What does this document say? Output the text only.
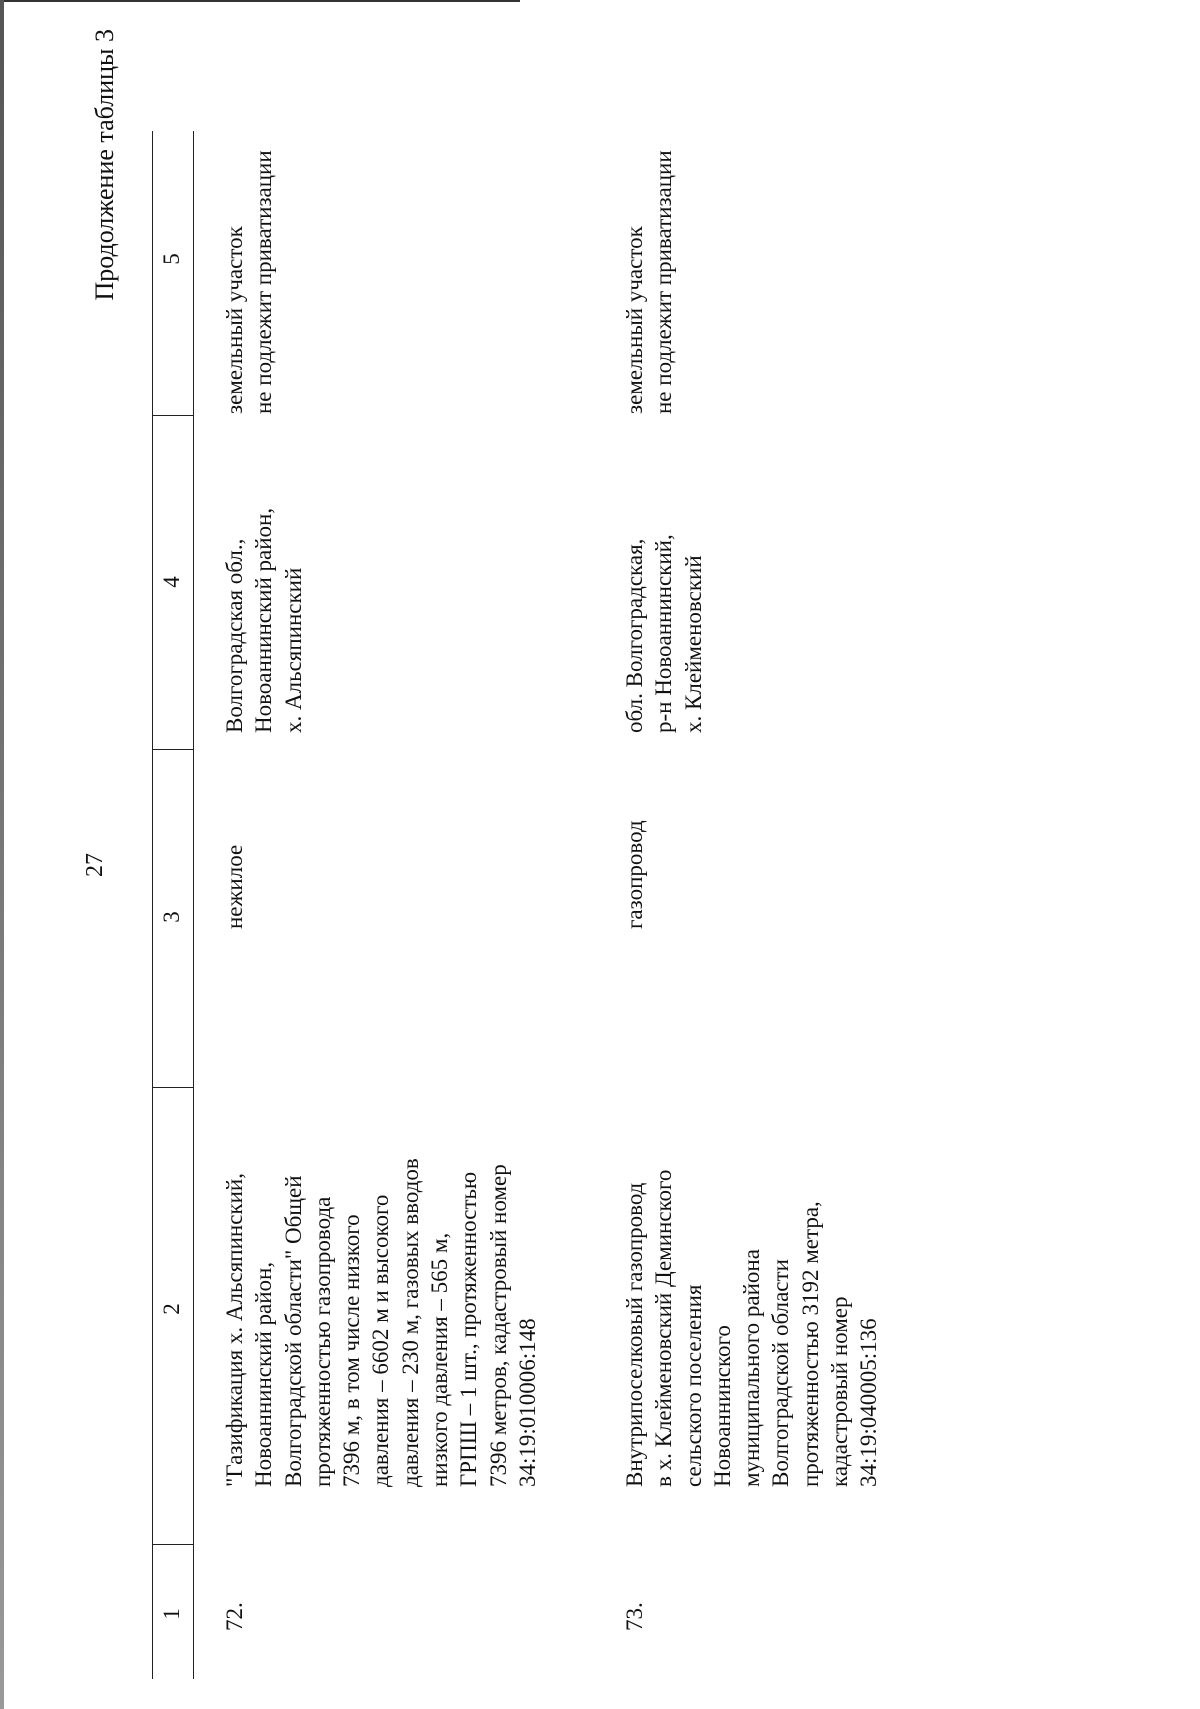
27
Продолжение таблицы 3
1
2
3
4
5
72.
"Газификация х. Альсяпинский,
Новоаннинский район,
Волгоградской области" Общей
протяженностью газопровода
7396 м, в том числе низкого
давления – 6602 м и высокого
давления – 230 м, газовых вводов
низкого давления – 565 м,
ГРПШ – 1 шт., протяженностью
7396 метров, кадастровый номер
34:19:010006:148
нежилое
Волгоградская обл.,
Новоаннинский район,
х. Альсяпинский
земельный участок
не подлежит приватизации
73.
Внутрипоселковый газопровод
в х. Клейменовский Деминского
сельского поселения
Новоаннинского
муниципального района
Волгоградской области
протяженностью 3192 метра,
кадастровый номер
34:19:040005:136
газопровод
обл. Волгоградская,
р-н Новоаннинский,
х. Клейменовский
земельный участок
не подлежит приватизации
